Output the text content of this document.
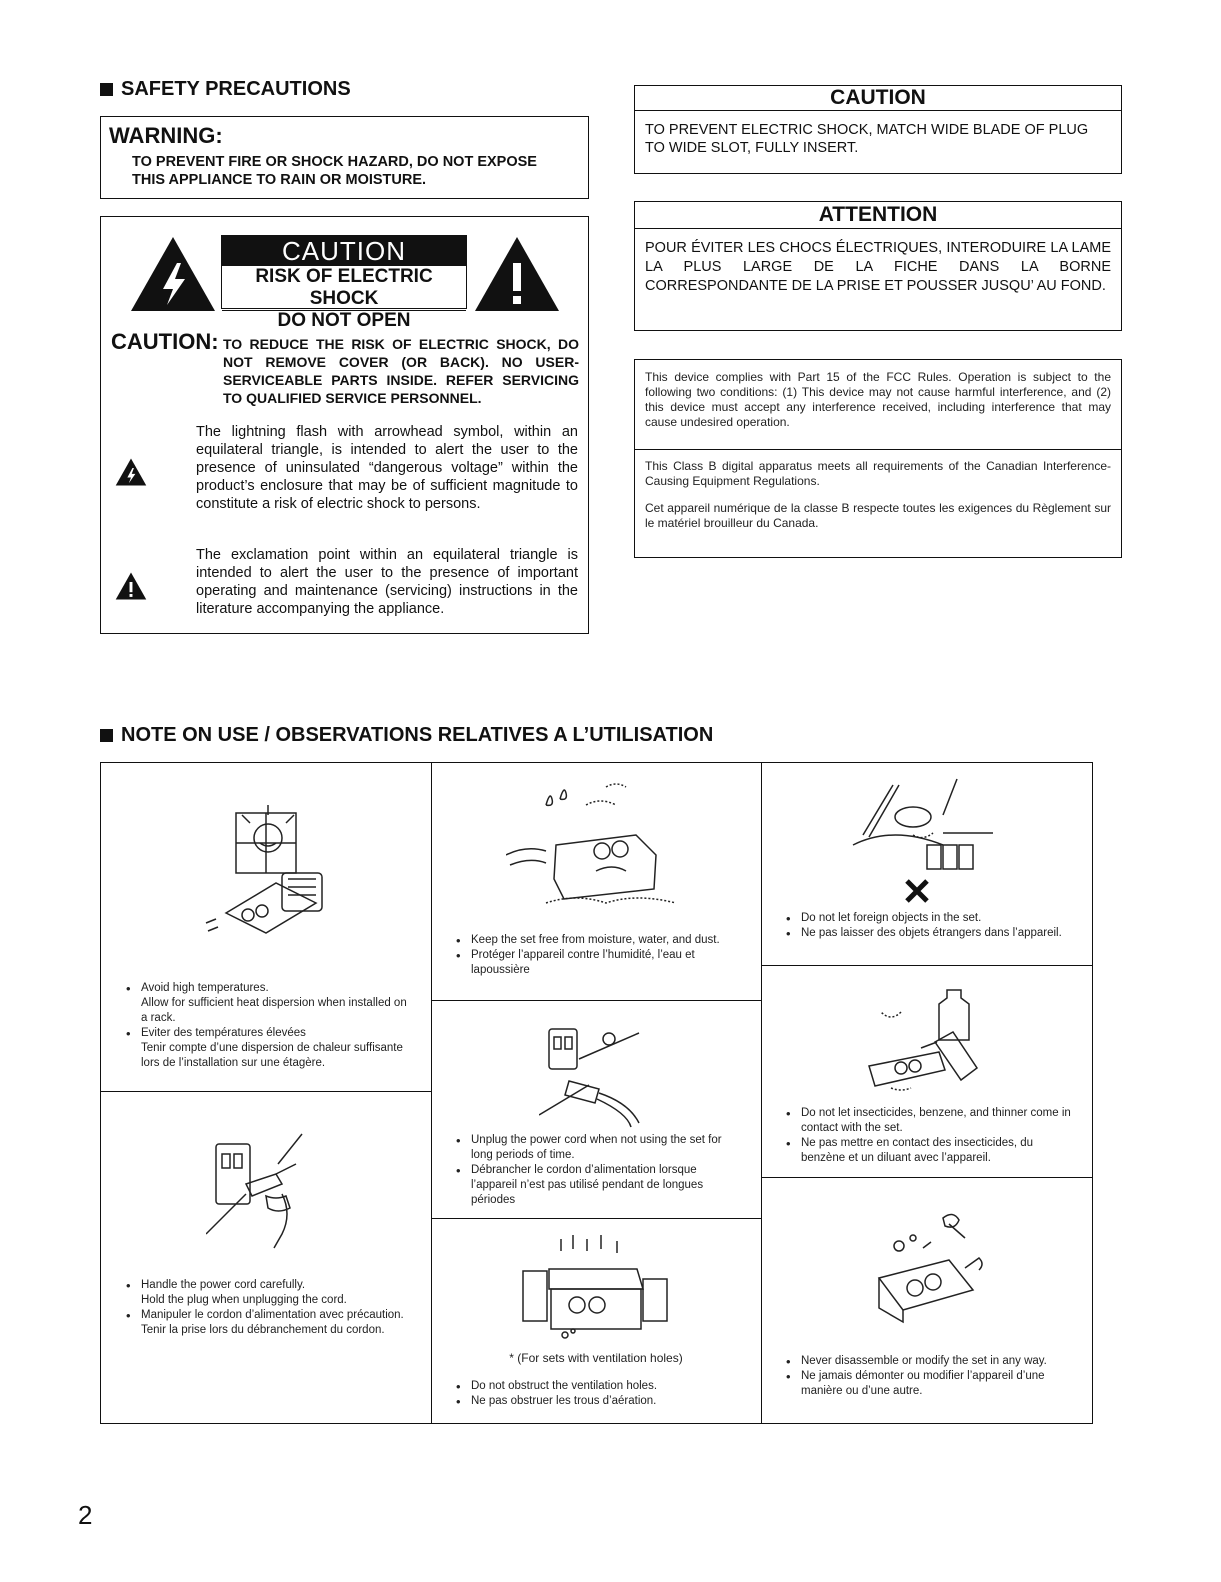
SAFETY PRECAUTIONS
WARNING:
TO PREVENT FIRE OR SHOCK HAZARD, DO NOT EXPOSE
THIS APPLIANCE TO RAIN OR MOISTURE.
CAUTION
RISK OF ELECTRIC SHOCK
DO NOT OPEN
CAUTION: TO REDUCE THE RISK OF ELECTRIC SHOCK, DO NOT REMOVE COVER (OR BACK). NO USER-SERVICEABLE PARTS INSIDE. REFER SERVICING TO QUALIFIED SERVICE PERSONNEL.
The lightning flash with arrowhead symbol, within an equilateral triangle, is intended to alert the user to the presence of uninsulated “dangerous voltage” within the product’s enclosure that may be of sufficient magnitude to constitute a risk of electric shock to persons.
The exclamation point within an equilateral triangle is intended to alert the user to the presence of important operating and maintenance (servicing) instructions in the literature accompanying the appliance.
CAUTION
TO PREVENT ELECTRIC SHOCK, MATCH WIDE BLADE OF PLUG TO WIDE SLOT, FULLY INSERT.
ATTENTION
POUR ÉVITER LES CHOCS ÉLECTRIQUES, INTERODUIRE LA LAME LA PLUS LARGE DE LA FICHE DANS LA BORNE CORRESPONDANTE DE LA PRISE ET POUSSER JUSQU’ AU FOND.
This device complies with Part 15 of the FCC Rules. Operation is subject to the following two conditions: (1) This device may not cause harmful interference, and (2) this device must accept any interference received, including interference that may cause undesired operation.
This Class B digital apparatus meets all requirements of the Canadian Interference-Causing Equipment Regulations.
Cet appareil numérique de la classe B respecte toutes les exigences du Règlement sur le matériel brouilleur du Canada.
NOTE ON USE / OBSERVATIONS RELATIVES A L’UTILISATION
• Avoid high temperatures.
Allow for sufficient heat dispersion when installed on a rack.
• Eviter des températures élevées
Tenir compte d’une dispersion de chaleur suffisante lors de l’installation sur une étagère.
• Handle the power cord carefully.
Hold the plug when unplugging the cord.
• Manipuler le cordon d’alimentation avec précaution.
Tenir la prise lors du débranchement du cordon.
• Keep the set free from moisture, water, and dust.
• Protéger l’appareil contre l’humidité, l’eau et lapoussière
• Unplug the power cord when not using the set for long periods of time.
• Débrancher le cordon d’alimentation lorsque l’appareil n’est pas utilisé pendant de longues périodes
* (For sets with ventilation holes)
• Do not obstruct the ventilation holes.
• Ne pas obstruer les trous d’aération.
• Do not let foreign objects in the set.
• Ne pas laisser des objets étrangers dans l’appareil.
• Do not let insecticides, benzene, and thinner come in contact with the set.
• Ne pas mettre en contact des insecticides, du benzène et un diluant avec l’appareil.
• Never disassemble or modify the set in any way.
• Ne jamais démonter ou modifier l’appareil d’une manière ou d’une autre.
2
